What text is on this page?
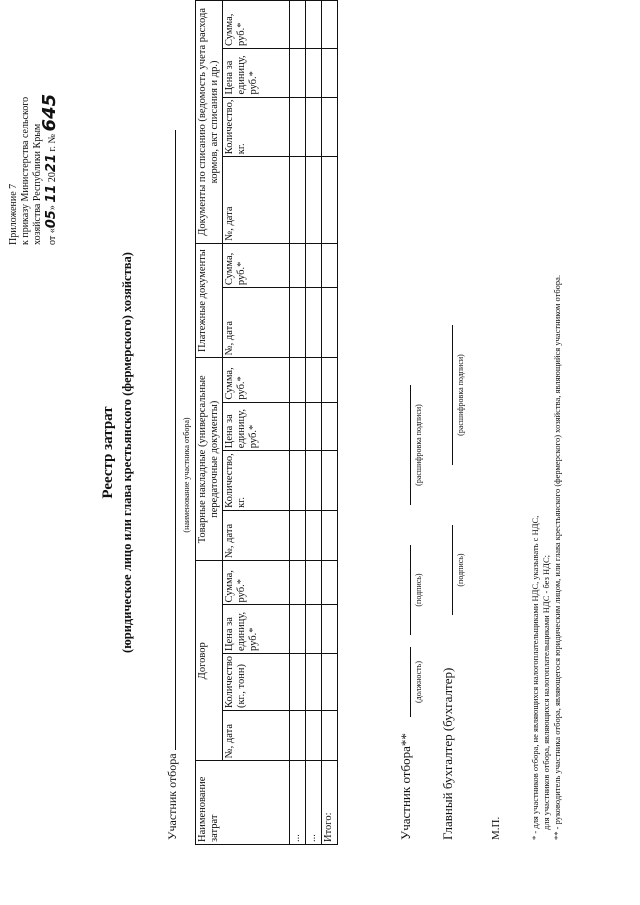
Приложение 7 к приказу Министерства сельского хозяйства Республики Крым от «05» 11 2021 г. № 645
Реестр затрат (юридическое лицо или глава крестьянского (фермерского) хозяйства)
Участник отбора
(наименование участника отбора)
Наименование затрат	Договор				Товарные накладные (универсальные передаточные документы)				Платежные документы		Документы по списанию (ведомость учета расхода кормов, акт списания и др.)			
	№, дата	Количество (кг., тонн)	Цена за единицу, руб.*	Сумма, руб.*	№, дата	Количество, кг.	Цена за единицу, руб.*	Сумма, руб.*	№, дата	Сумма, руб.*	№, дата	Количество, кг.	Цена за единицу, руб.*	Сумма, руб.*
...														
...														
Итого:															Участник отбора**
(должность)
(подпись)
(расшифровка подписи)
Главный бухгалтер (бухгалтер)
(подпись)
(расшифровка подписи)
М.П.	* - для участников отбора, не являющихся налогоплательщиками НДС, указывать с НДС, для участников отбора, являющихся налогоплательщиками НДС - без НДС; ** - руководитель участника отбора, являющегося юридическим лицом, или глава крестьянского (фермерского) хозяйства, являющийся участником отбора.
